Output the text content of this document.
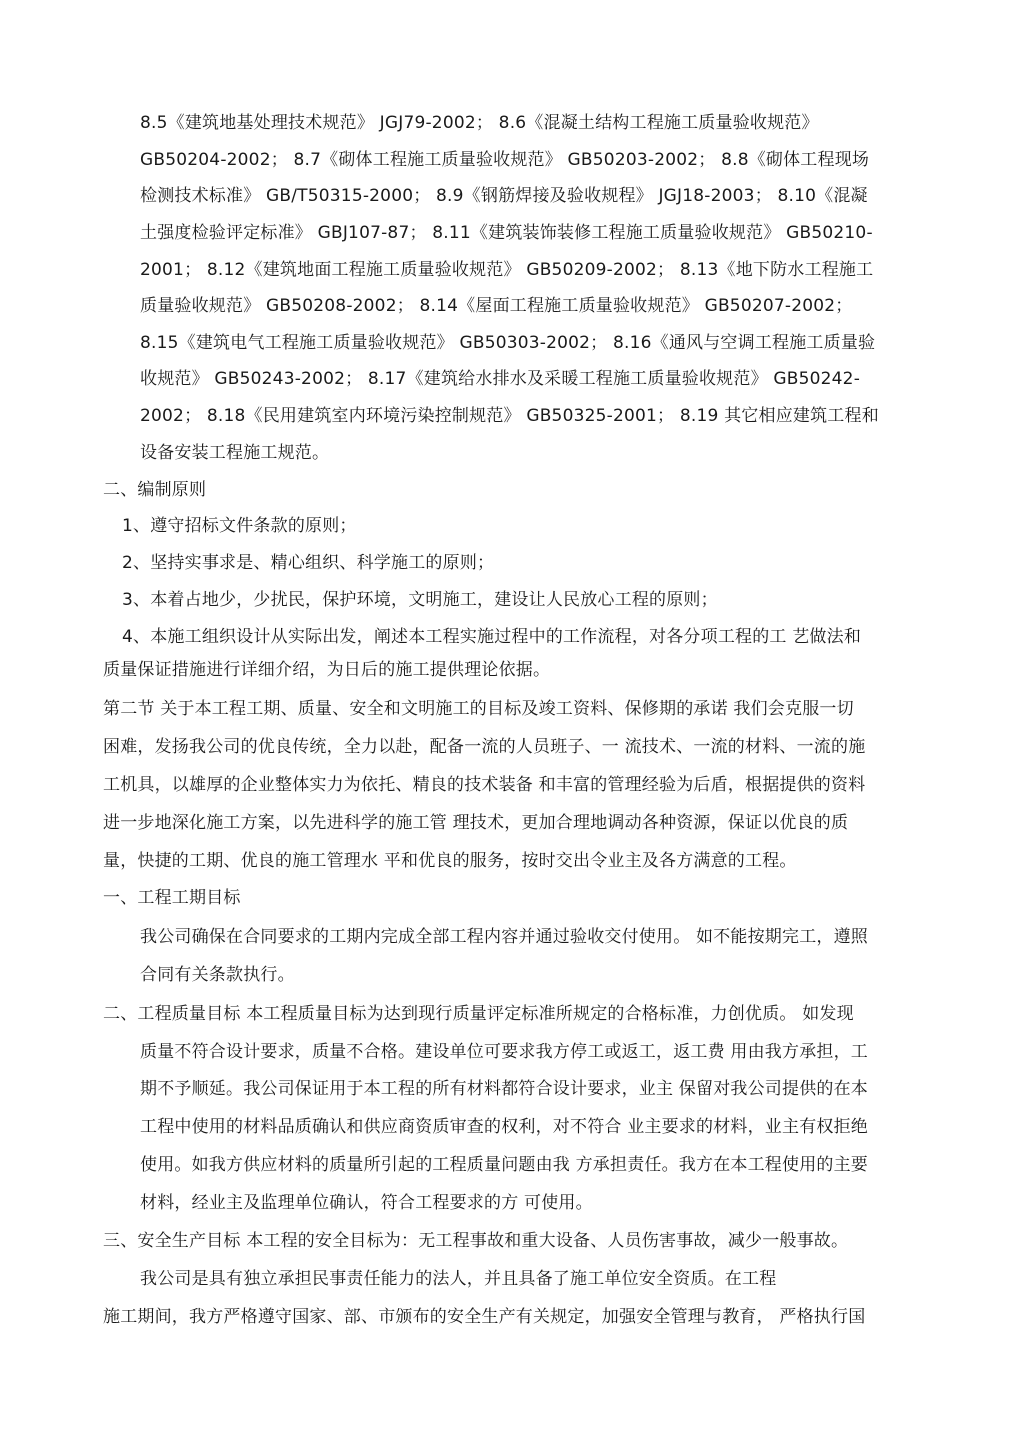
8.5《建筑地基处理技术规范》 JGJ79-2002； 8.6《混凝土结构工程施工质量验收规范》

GB50204-2002； 8.7《砌体工程施工质量验收规范》 GB50203-2002； 8.8《砌体工程现场

检测技术标准》 GB/T50315-2000； 8.9《钢筋焊接及验收规程》 JGJ18-2003； 8.10《混凝

土强度检验评定标准》 GBJ107-87； 8.11《建筑装饰装修工程施工质量验收规范》 GB50210-

2001； 8.12《建筑地面工程施工质量验收规范》 GB50209-2002； 8.13《地下防水工程施工

质量验收规范》 GB50208-2002； 8.14《屋面工程施工质量验收规范》 GB50207-2002；

8.15《建筑电气工程施工质量验收规范》 GB50303-2002； 8.16《通风与空调工程施工质量验

收规范》 GB50243-2002； 8.17《建筑给水排水及采暖工程施工质量验收规范》 GB50242-

2002； 8.18《民用建筑室内环境污染控制规范》 GB50325-2001； 8.19 其它相应建筑工程和

设备安装工程施工规范。

二、编制原则

1、遵守招标文件条款的原则；

2、坚持实事求是、精心组织、科学施工的原则；

3、本着占地少，少扰民，保护环境，文明施工，建设让人民放心工程的原则；

4、本施工组织设计从实际出发，阐述本工程实施过程中的工作流程，对各分项工程的工 艺做法和

质量保证措施进行详细介绍，为日后的施工提供理论依据。

第二节 关于本工程工期、质量、安全和文明施工的目标及竣工资料、保修期的承诺 我们会克服一切

困难，发扬我公司的优良传统，全力以赴，配备一流的人员班子、一 流技术、一流的材料、一流的施

工机具，以雄厚的企业整体实力为依托、精良的技术装备 和丰富的管理经验为后盾，根据提供的资料

进一步地深化施工方案，以先进科学的施工管 理技术，更加合理地调动各种资源，保证以优良的质

量，快捷的工期、优良的施工管理水 平和优良的服务，按时交出令业主及各方满意的工程。

一、工程工期目标

我公司确保在合同要求的工期内完成全部工程内容并通过验收交付使用。 如不能按期完工，遵照

合同有关条款执行。

二、工程质量目标 本工程质量目标为达到现行质量评定标准所规定的合格标准，力创优质。 如发现

质量不符合设计要求，质量不合格。建设单位可要求我方停工或返工，返工费 用由我方承担，工

期不予顺延。我公司保证用于本工程的所有材料都符合设计要求，业主 保留对我公司提供的在本

工程中使用的材料品质确认和供应商资质审查的权利，对不符合 业主要求的材料，业主有权拒绝

使用。如我方供应材料的质量所引起的工程质量问题由我 方承担责任。我方在本工程使用的主要

材料，经业主及监理单位确认，符合工程要求的方 可使用。

三、安全生产目标 本工程的安全目标为：无工程事故和重大设备、人员伤害事故，减少一般事故。

我公司是具有独立承担民事责任能力的法人，并且具备了施工单位安全资质。在工程

施工期间，我方严格遵守国家、部、市颁布的安全生产有关规定，加强安全管理与教育， 严格执行国
